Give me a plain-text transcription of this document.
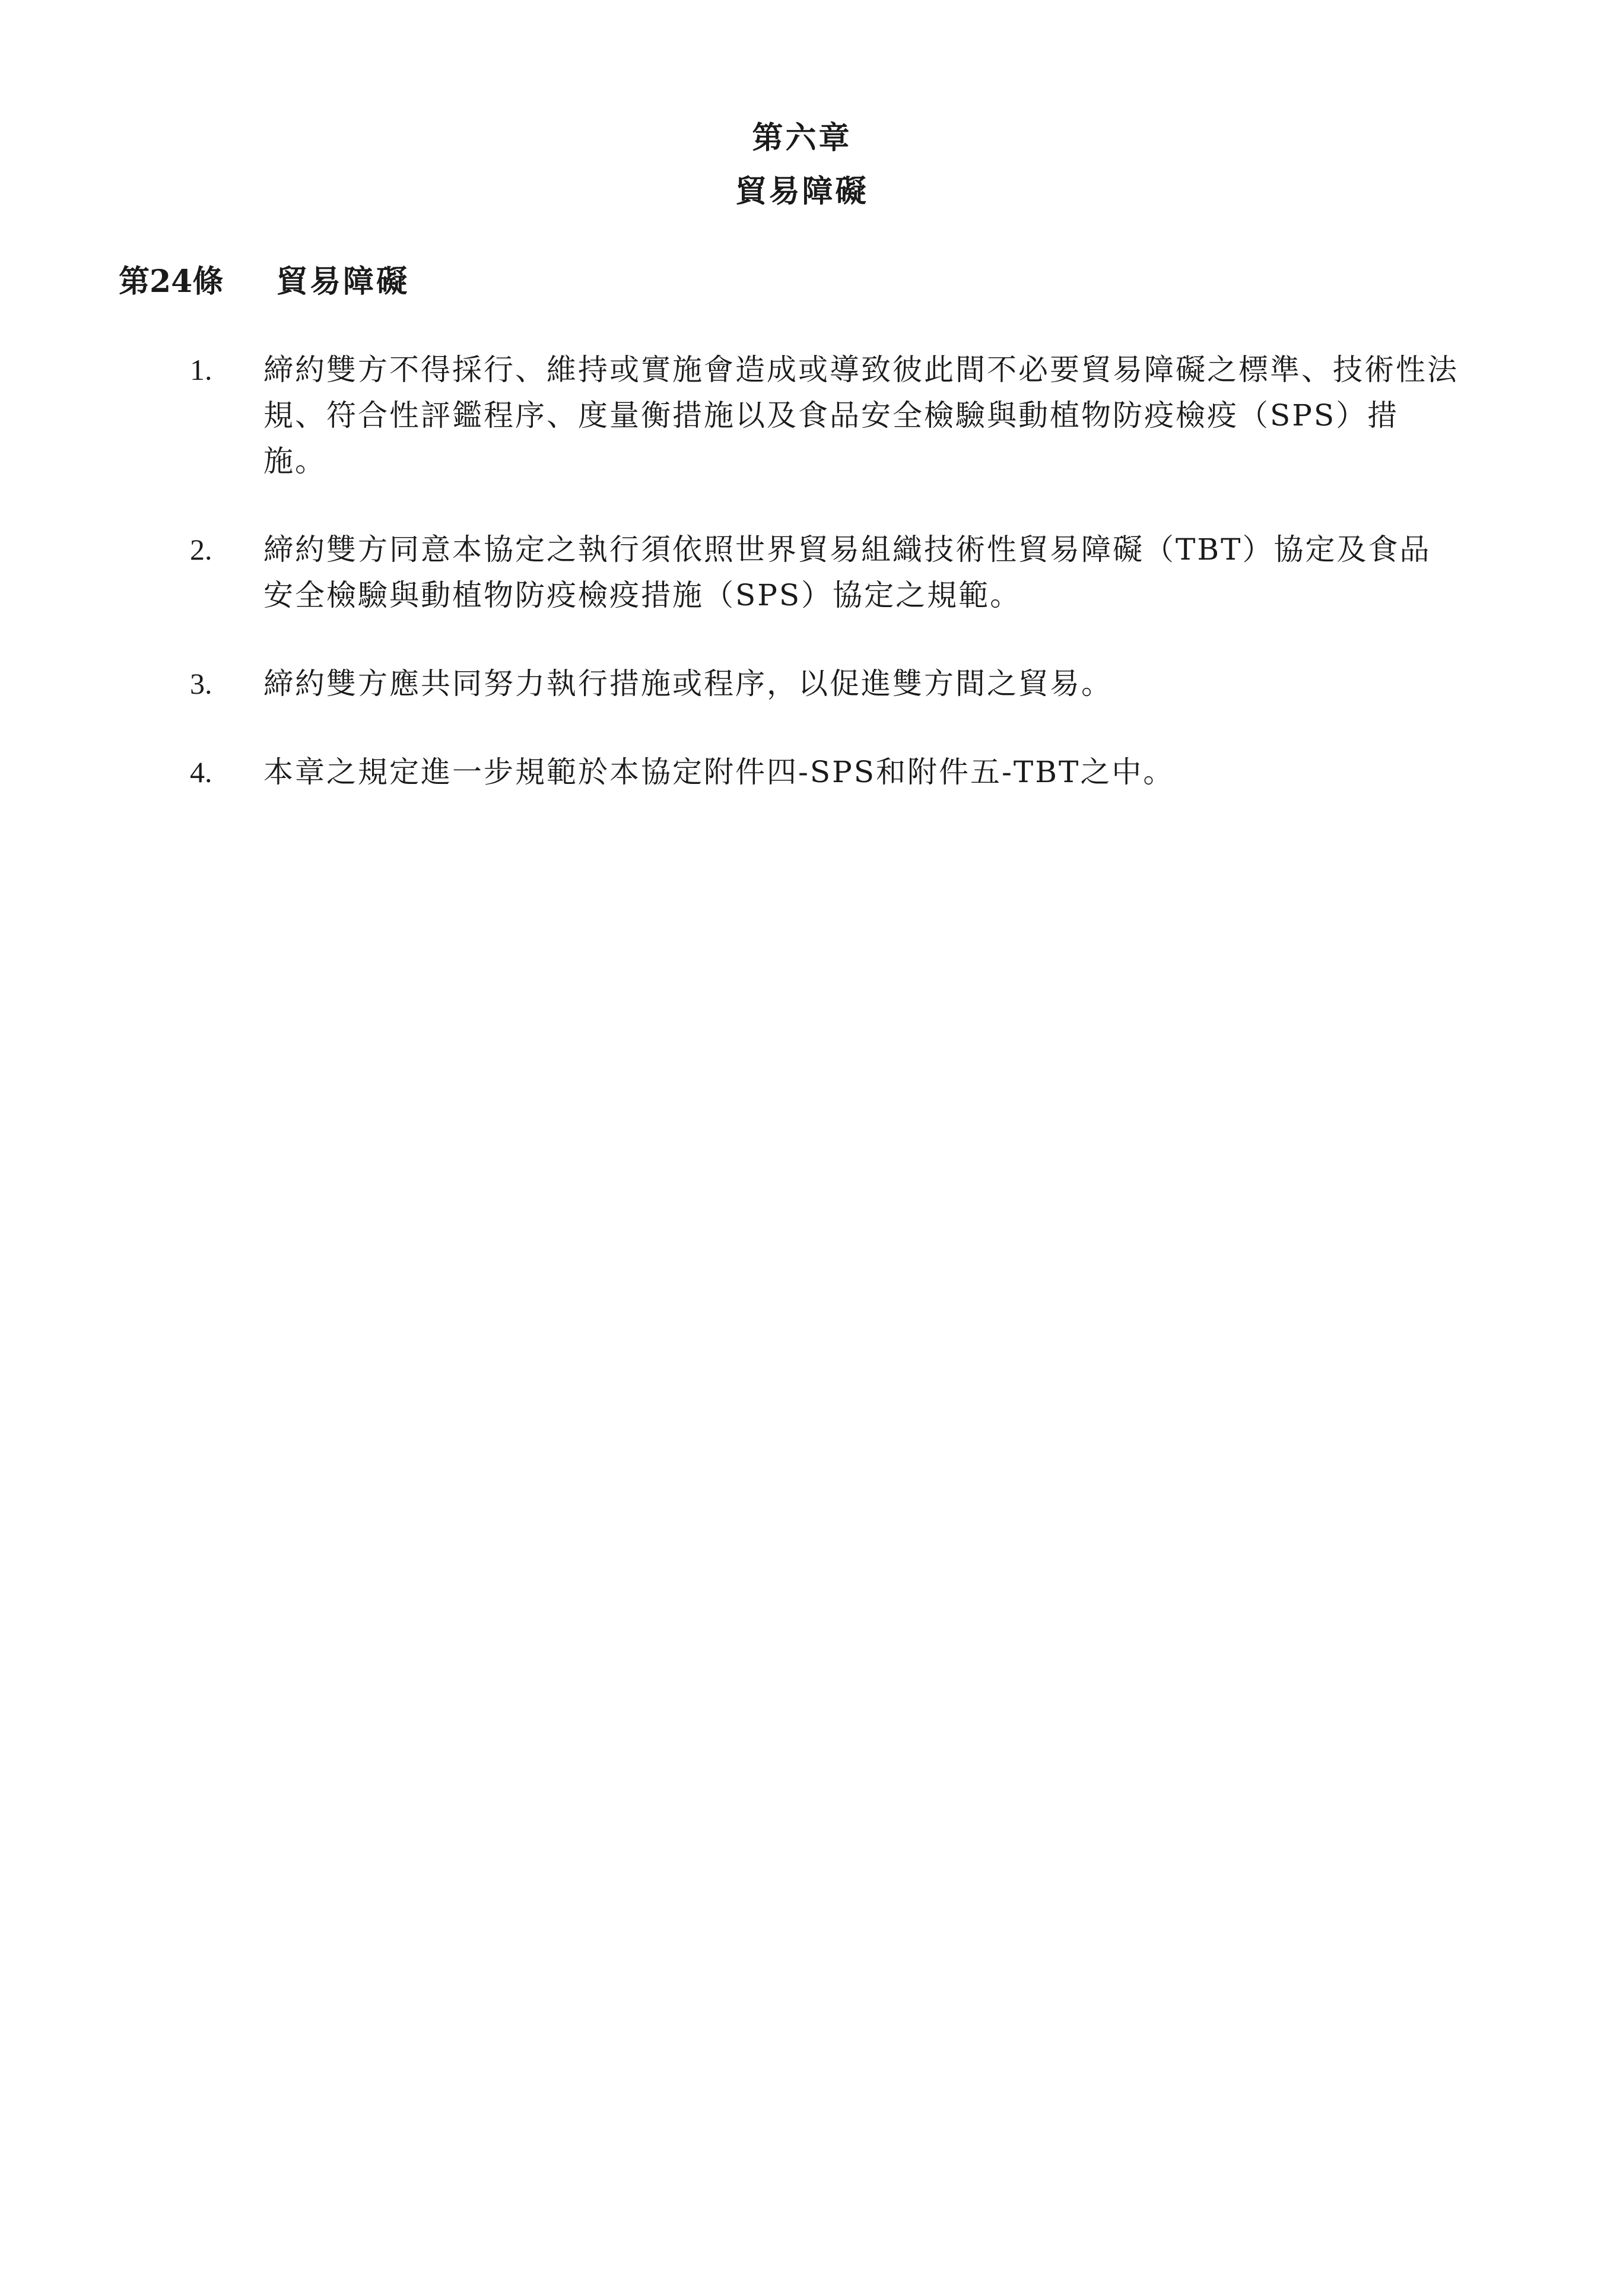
第六章
貿易障礙
第24條 貿易障礙
1.	締約雙方不得採行、維持或實施會造成或導致彼此間不必要貿易障礙之標準、技術性法規、符合性評鑑程序、度量衡措施以及食品安全檢驗與動植物防疫檢疫（SPS）措施。
2.	締約雙方同意本協定之執行須依照世界貿易組織技術性貿易障礙（TBT）協定及食品安全檢驗與動植物防疫檢疫措施（SPS）協定之規範。
3.	締約雙方應共同努力執行措施或程序，以促進雙方間之貿易。
4.	本章之規定進一步規範於本協定附件四-SPS和附件五-TBT之中。
